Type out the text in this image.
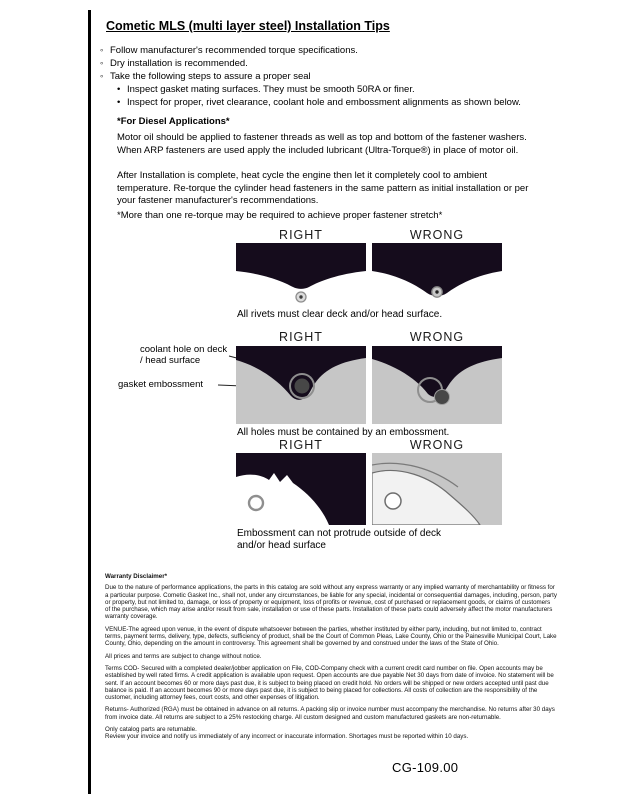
Cometic MLS (multi layer steel) Installation Tips
◦ Follow manufacturer's recommended torque specifications.
◦ Dry installation is recommended.
◦ Take the following steps to assure a proper seal
• Inspect gasket mating surfaces. They must be smooth 50RA or finer.
• Inspect for proper, rivet clearance, coolant hole and embossment alignments as shown below.
*For Diesel Applications*
Motor oil should be applied to fastener threads as well as top and bottom of the fastener washers. When ARP fasteners are used apply the included lubricant (Ultra-Torque®) in place of motor oil.
After Installation is complete, heat cycle the engine then let it completely cool to ambient temperature. Re-torque the cylinder head fasteners in the same pattern as initial installation or per your fastener manufacturer's recommendations.
*More than one re-torque may be required to achieve proper fastener stretch*
RIGHT	WRONG
All rivets must clear deck and/or head surface.
coolant hole on deck / head surface
gasket embossment
RIGHT	WRONG
All holes must be contained by an embossment.
RIGHT	WRONG
Embossment can not protrude outside of deck and/or head surface
Warranty Disclaimer*

Due to the nature of performance applications, the parts in this catalog are sold without any express warranty or any implied warranty of merchantability or fitness for a particular purpose. Cometic Gasket Inc., shall not, under any circumstances, be liable for any special, incidental or consequential damages, including, person, party or property, but not limited to, damage, or loss of property or equipment, loss of profits or revenue, cost of purchased or replacement goods, or claims of customers of the purchase, which may arise and/or result from sale, installation or use of these parts. Installation of these parts could adversely affect the motor manufacturers warranty coverage.

VENUE-The agreed upon venue, in the event of dispute whatsoever between the parties, whether instituted by either party, including, but not limited to, contract terms, payment terms, delivery, type, defects, sufficiency of product, shall be the Court of Common Pleas, Lake County, Ohio or the Painesville Municipal Court, Lake County, Ohio, depending on the amount in controversy. This agreement shall be governed by and construed under the laws of the State of Ohio.

All prices and terms are subject to change without notice.

Terms COD- Secured with a completed dealer/jobber application on File, COD-Company check with a current credit card number on file. Open accounts may be established by well rated firms. A credit application is available upon request. Open accounts are due payable Net 30 days from date of invoice. No statement will be sent. If an account becomes 60 or more days past due, it is subject to being placed on credit hold. No orders will be shipped or new orders accepted until past due balance is paid. If an account becomes 90 or more days past due, it is subject to being placed for collections. All costs of collection are the responsibility of the customer, including attorney fees, court costs, and other expenses of litigation.

Returns- Authorized (RGA) must be obtained in advance on all returns. A packing slip or invoice number must accompany the merchandise. No returns after 30 days from invoice date. All returns are subject to a 25% restocking charge. All custom designed and custom manufactured gaskets are non-returnable.

Only catalog parts are returnable.

Review your invoice and notify us immediately of any incorrect or inaccurate information. Shortages must be reported within 10 days.

CG-109.00
